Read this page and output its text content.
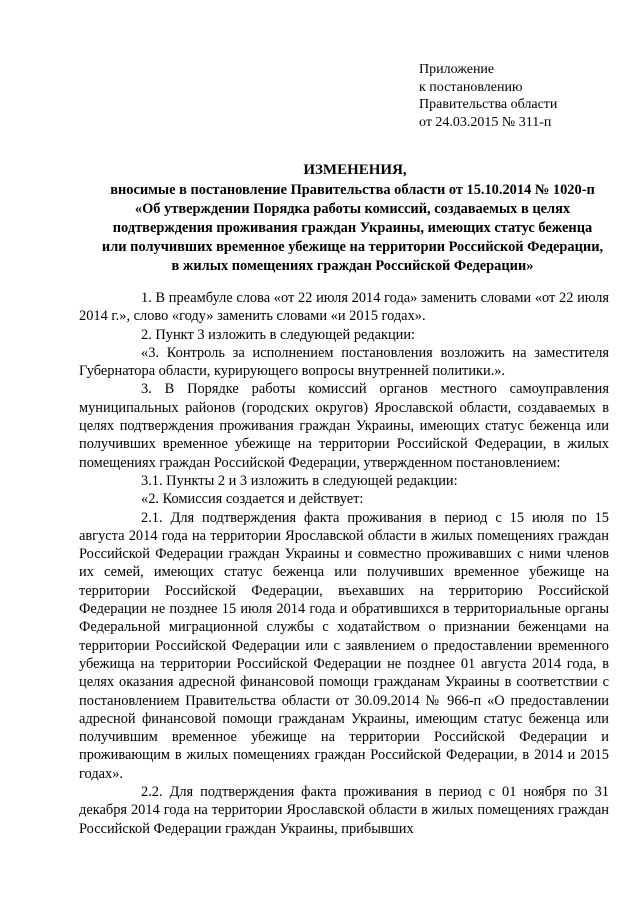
Приложение
к постановлению
Правительства области
от 24.03.2015 № 311-п
ИЗМЕНЕНИЯ,
вносимые в постановление Правительства области от 15.10.2014 № 1020-п «Об утверждении Порядка работы комиссий, создаваемых в целях подтверждения проживания граждан Украины, имеющих статус беженца или получивших временное убежище на территории Российской Федерации, в жилых помещениях граждан Российской Федерации»

1. В преамбуле слова «от 22 июля 2014 года» заменить словами «от 22 июля 2014 г.», слово «году» заменить словами «и 2015 годах».

2. Пункт 3 изложить в следующей редакции:

«3. Контроль за исполнением постановления возложить на заместителя Губернатора области, курирующего вопросы внутренней политики.».

3. В Порядке работы комиссий органов местного самоуправления муниципальных районов (городских округов) Ярославской области, создаваемых в целях подтверждения проживания граждан Украины, имеющих статус беженца или получивших временное убежище на территории Российской Федерации, в жилых помещениях граждан Российской Федерации, утвержденном постановлением:

3.1. Пункты 2 и 3 изложить в следующей редакции:

«2. Комиссия создается и действует:

2.1. Для подтверждения факта проживания в период с 15 июля по 15 августа 2014 года на территории Ярославской области в жилых помещениях граждан Российской Федерации граждан Украины и совместно проживавших с ними членов их семей, имеющих статус беженца или получивших временное убежище на территории Российской Федерации, въехавших на территорию Российской Федерации не позднее 15 июля 2014 года и обратившихся в территориальные органы Федеральной миграционной службы с ходатайством о признании беженцами на территории Российской Федерации или с заявлением о предоставлении временного убежища на территории Российской Федерации не позднее 01 августа 2014 года, в целях оказания адресной финансовой помощи гражданам Украины в соответствии с постановлением Правительства области от 30.09.2014 № 966-п «О предоставлении адресной финансовой помощи гражданам Украины, имеющим статус беженца или получившим временное убежище на территории Российской Федерации и проживающим в жилых помещениях граждан Российской Федерации, в 2014 и 2015 годах».

2.2. Для подтверждения факта проживания в период с 01 ноября по 31 декабря 2014 года на территории Ярославской области в жилых помещениях граждан Российской Федерации граждан Украины, прибывших
